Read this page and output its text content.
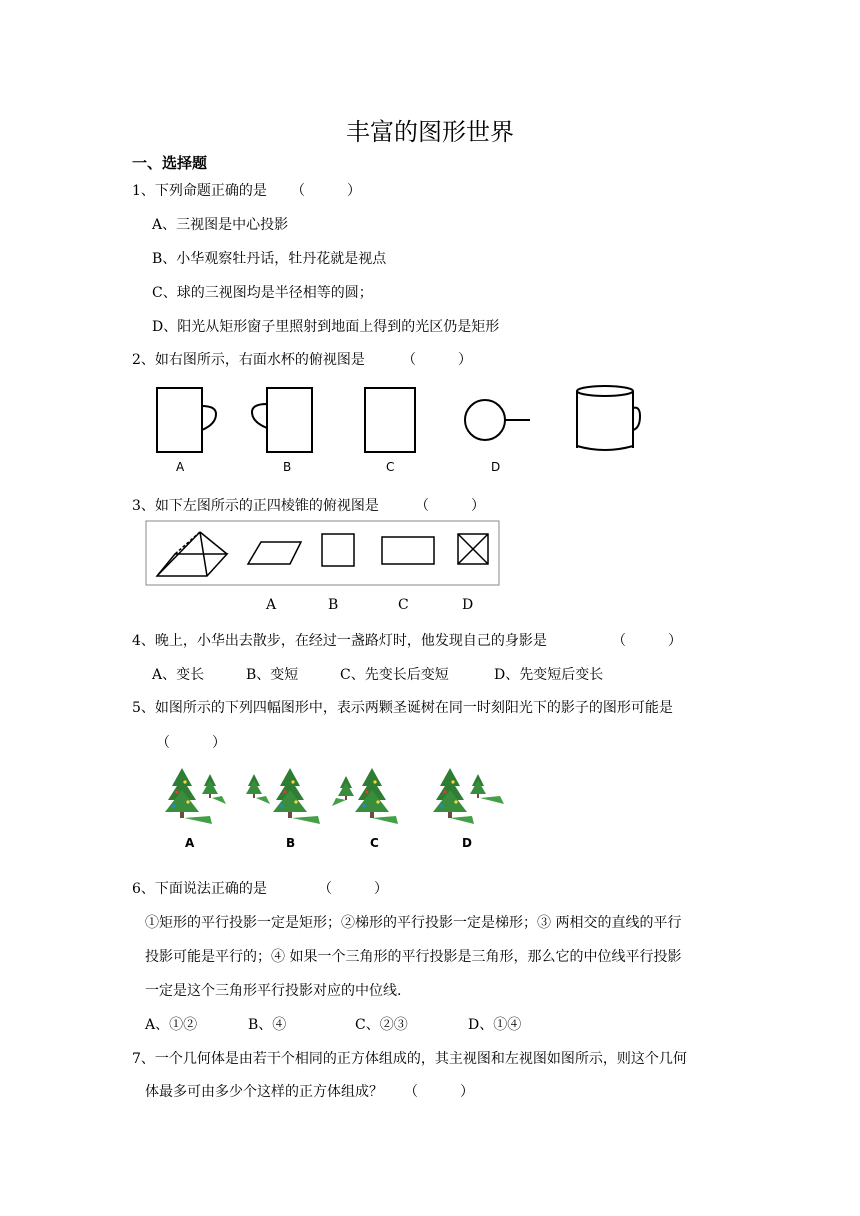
丰富的图形世界
一、选择题
1、下列命题正确的是 （　　　）
A、三视图是中心投影
B、小华观察牡丹话，牡丹花就是视点
C、球的三视图均是半径相等的圆；
D、阳光从矩形窗子里照射到地面上得到的光区仍是矩形
2、如右图所示，右面水杯的俯视图是	（　　　）
A	B	C	D
3、如下左图所示的正四棱锥的俯视图是	（　　　）
A	B	C	D
4、晚上，小华出去散步，在经过一盏路灯时，他发现自己的身影是	（　　　）
A、变长	B、变短	C、先变长后变短	D、先变短后变长
5、如图所示的下列四幅图形中，表示两颗圣诞树在同一时刻阳光下的影子的图形可能是
（　　　）
A	B	C	D
6、下面说法正确的是	（　　　）
①矩形的平行投影一定是矩形；②梯形的平行投影一定是梯形；③ 两相交的直线的平行
投影可能是平行的；④ 如果一个三角形的平行投影是三角形，那么它的中位线平行投影
一定是这个三角形平行投影对应的中位线.
A、①②	B、④	C、②③	D、①④
7、一个几何体是由若干个相同的正方体组成的，其主视图和左视图如图所示，则这个几何
体最多可由多少个这样的正方体组成？ （　　　）
